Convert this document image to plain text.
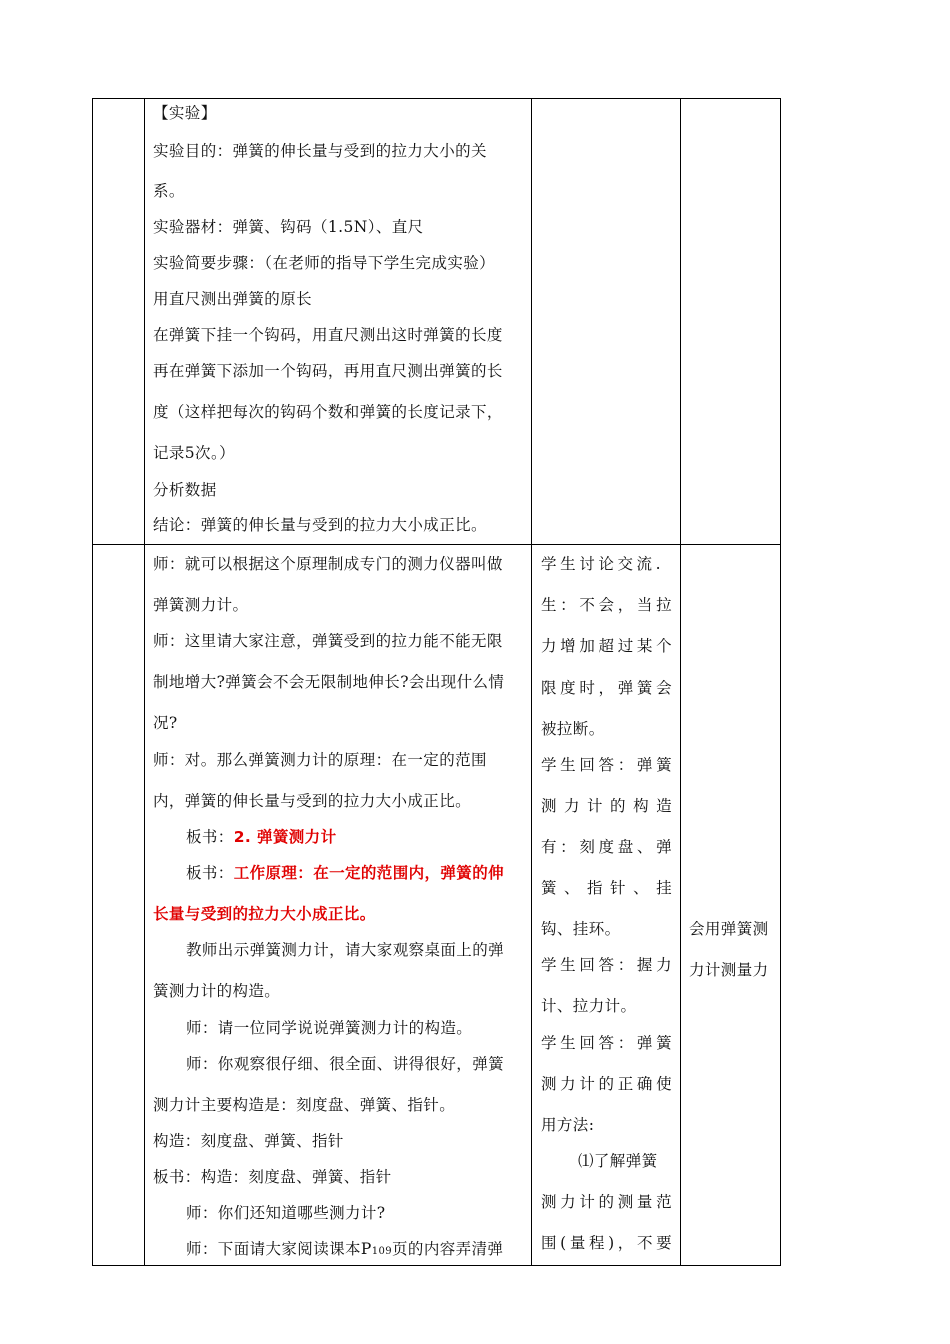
【实验】

实验目的：弹簧的伸长量与受到的拉力大小的关

系。

实验器材：弹簧、钩码（1.5N）、直尺

实验简要步骤：（在老师的指导下学生完成实验）

用直尺测出弹簧的原长

在弹簧下挂一个钩码，用直尺测出这时弹簧的长度

再在弹簧下添加一个钩码，再用直尺测出弹簧的长

度（这样把每次的钩码个数和弹簧的长度记录下，

记录5次。）

分析数据

结论：弹簧的伸长量与受到的拉力大小成正比。

师：就可以根据这个原理制成专门的测力仪器叫做

弹簧测力计。

师：这里请大家注意，弹簧受到的拉力能不能无限

制地增大?弹簧会不会无限制地伸长?会出现什么情

况?

师：对。那么弹簧测力计的原理：在一定的范围

内，弹簧的伸长量与受到的拉力大小成正比。

板书：2. 弹簧测力计

板书：工作原理：在一定的范围内，弹簧的伸

长量与受到的拉力大小成正比。

教师出示弹簧测力计，请大家观察桌面上的弹

簧测力计的构造。

师：请一位同学说说弹簧测力计的构造。

师：你观察很仔细、很全面、讲得很好，弹簧

测力计主要构造是：刻度盘、弹簧、指针。

构造：刻度盘、弹簧、指针

板书：构造：刻度盘、弹簧、指针

师：你们还知道哪些测力计?

师：下面请大家阅读课本P109页的内容弄清弹

学生讨论交流.

生：不会，当拉

力增加超过某个

限度时，弹簧会

被拉断。

学生回答：弹簧

测力计的构造

有：刻度盘、弹

簧、指针、挂

钩、挂环。

学生回答：握力

计、拉力计。

学生回答：弹簧

测力计的正确使

用方法:

⑴了解弹簧

测力计的测量范

围(量程)，不要

会用弹簧测

力计测量力
